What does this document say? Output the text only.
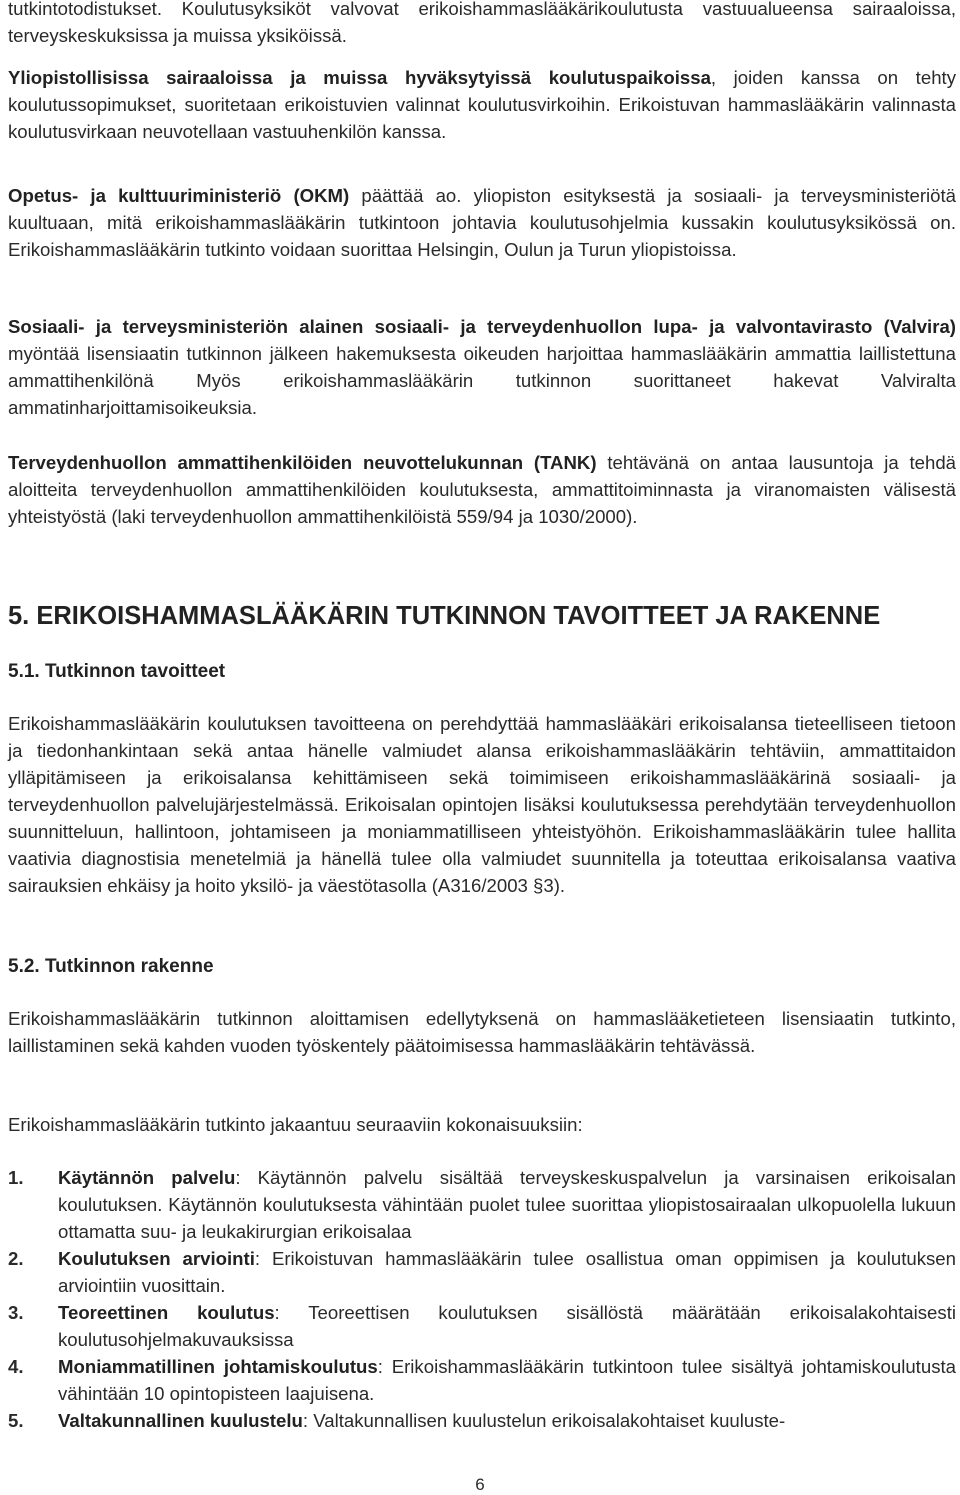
tutkintotodistukset. Koulutusyksiköt valvovat erikoishammaslääkärikoulutusta vastuualueensa sairaaloissa, terveyskeskuksissa ja muissa yksiköissä.

Yliopistollisissa sairaaloissa ja muissa hyväksytyissä koulutuspaikoissa, joiden kanssa on tehty koulutussopimukset, suoritetaan erikoistuvien valinnat koulutusvirkoihin. Erikoistuvan hammaslääkärin valinnasta koulutusvirkaan neuvotellaan vastuuhenkilön kanssa.

Opetus- ja kulttuuriministeriö (OKM) päättää ao. yliopiston esityksestä ja sosiaali- ja terveysministeriötä kuultuaan, mitä erikoishammaslääkärin tutkintoon johtavia koulutusohjelmia kussakin koulutusyksikössä on. Erikoishammaslääkärin tutkinto voidaan suorittaa Helsingin, Oulun ja Turun yliopistoissa.

Sosiaali- ja terveysministeriön alainen sosiaali- ja terveydenhuollon lupa- ja valvontavirasto (Valvira) myöntää lisensiaatin tutkinnon jälkeen hakemuksesta oikeuden harjoittaa hammaslääkärin ammattia laillistettuna ammattihenkilönä Myös erikoishammaslääkärin tutkinnon suorittaneet hakevat Valviralta ammatinharjoittamisoikeuksia.

Terveydenhuollon ammattihenkilöiden neuvottelukunnan (TANK) tehtävänä on antaa lausuntoja ja tehdä aloitteita terveydenhuollon ammattihenkilöiden koulutuksesta, ammattitoiminnasta ja viranomaisten välisestä yhteistyöstä (laki terveydenhuollon ammattihenkilöistä 559/94 ja 1030/2000).

5. ERIKOISHAMMASLÄÄKÄRIN TUTKINNON TAVOITTEET JA RAKENNE
5.1. Tutkinnon tavoitteet

Erikoishammaslääkärin koulutuksen tavoitteena on perehdyttää hammaslääkäri erikoisalansa tieteelliseen tietoon ja tiedonhankintaan sekä antaa hänelle valmiudet alansa erikoishammaslääkärin tehtäviin, ammattitaidon ylläpitämiseen ja erikoisalansa kehittämiseen sekä toimimiseen erikoishammaslääkärinä sosiaali- ja terveydenhuollon palvelujärjestelmässä. Erikoisalan opintojen lisäksi koulutuksessa perehdytään terveydenhuollon suunnitteluun, hallintoon, johtamiseen ja moniammatilliseen yhteistyöhön. Erikoishammaslääkärin tulee hallita vaativia diagnostisia menetelmiä ja hänellä tulee olla valmiudet suunnitella ja toteuttaa erikoisalansa vaativa sairauksien ehkäisy ja hoito yksilö- ja väestötasolla (A316/2003 §3).

5.2. Tutkinnon rakenne

Erikoishammaslääkärin tutkinnon aloittamisen edellytyksenä on hammaslääketieteen lisensiaatin tutkinto, laillistaminen sekä kahden vuoden työskentely päätoimisessa hammaslääkärin tehtävässä.

Erikoishammaslääkärin tutkinto jakaantuu seuraaviin kokonaisuuksiin:

1. Käytännön palvelu: Käytännön palvelu sisältää terveyskeskuspalvelun ja varsinaisen erikoisalan koulutuksen. Käytännön koulutuksesta vähintään puolet tulee suorittaa yliopistosairaalan ulkopuolella lukuun ottamatta suu- ja leukakirurgian erikoisalaa
2. Koulutuksen arviointi: Erikoistuvan hammaslääkärin tulee osallistua oman oppimisen ja koulutuksen arviointiin vuosittain.
3. Teoreettinen koulutus: Teoreettisen koulutuksen sisällöstä määrätään erikoisalakohtaisesti koulutusohjelmakuvauksissa
4. Moniammatillinen johtamiskoulutus: Erikoishammaslääkärin tutkintoon tulee sisältyä johtamiskoulutusta vähintään 10 opintopisteen laajuisena.
5. Valtakunnallinen kuulustelu: Valtakunnallisen kuulustelun erikoisalakohtaiset kuuluste-
6
